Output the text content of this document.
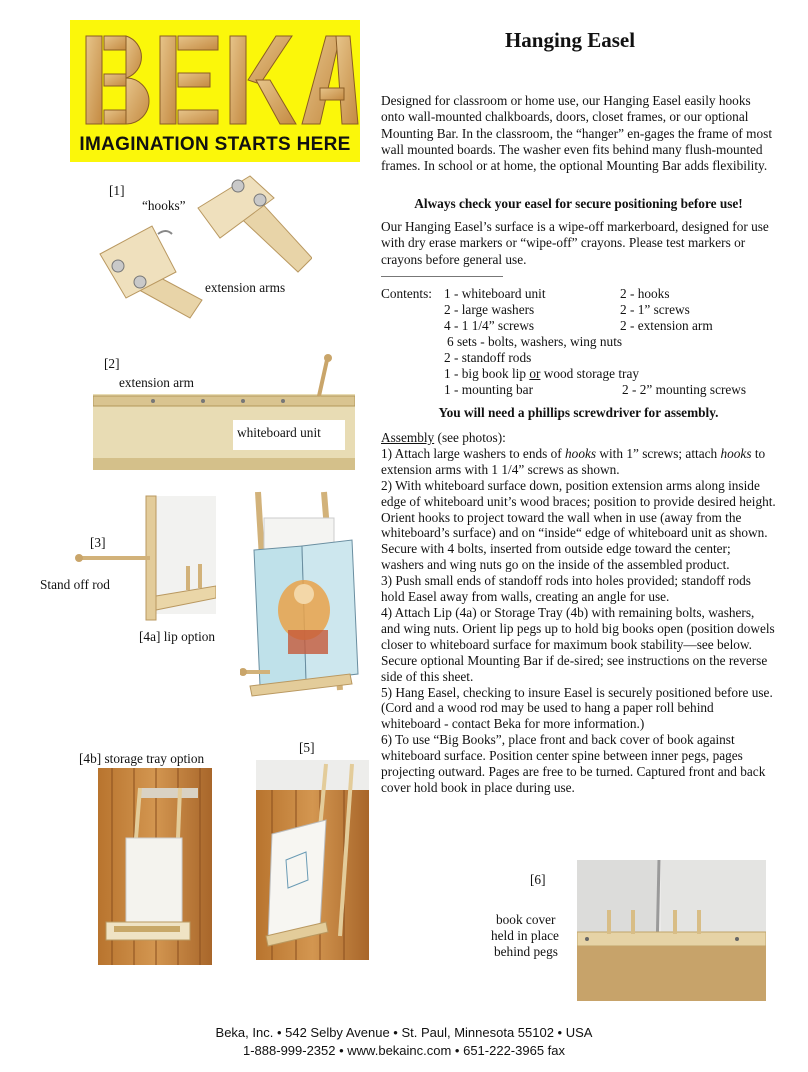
IMAGINATION STARTS HERE
Hanging Easel
Designed for classroom or home use, our Hanging Easel easily hooks onto wall-mounted chalkboards, doors, closet frames, or our optional Mounting Bar. In the classroom, the “hanger” en-gages the frame of most wall mounted boards. The washer even fits behind many flush-mounted frames. In school or at home, the optional Mounting Bar adds flexibility.
Always check your easel for secure positioning before use!
Our Hanging Easel’s surface is a wipe-off markerboard, designed for use with dry erase markers or “wipe-off” crayons. Please test markers or crayons before general use.
Contents: 1 - whiteboard unit	2 - hooks
2 - large washers	2 - 1” screws
4 - 1 1/4” screws	2 - extension arm
6 sets - bolts, washers, wing nuts
2 - standoff rods
1 - big book lip or wood storage tray
1 - mounting bar	2 - 2” mounting screws
You will need a phillips screwdriver for assembly.

Assembly (see photos):

1) Attach large washers to ends of hooks with 1” screws; attach hooks to extension arms with 1 1/4” screws as shown.

2) With whiteboard surface down, position extension arms along inside edge of whiteboard unit’s wood braces; position to provide desired height. Orient hooks to project toward the wall when in use (away from the whiteboard’s surface) and on “inside“ edge of whiteboard unit as shown. Secure with 4 bolts, inserted from outside edge toward the center; washers and wing nuts go on the inside of the assembled product.

3) Push small ends of standoff rods into holes provided; standoff rods hold Easel away from walls, creating an angle for use.

4) Attach Lip (4a) or Storage Tray (4b) with remaining bolts, washers, and wing nuts. Orient lip pegs up to hold big books open (position dowels closer to whiteboard surface for maximum book stability—see below. Secure optional Mounting Bar if de-sired; see instructions on the reverse side of this sheet.

5) Hang Easel, checking to insure Easel is securely positioned before use. (Cord and a wood rod may be used to hang a paper roll behind whiteboard - contact Beka for more information.)

6) To use “Big Books”, place front and back cover of book against whiteboard surface. Position center spine between inner pegs, pages projecting outward. Pages are free to be turned. Captured front and back cover hold book in place during use.

[1]
“hooks”
extension arms
[2]
extension arm
whiteboard unit
[3]
Stand off rod
[4a] lip option
[4b] storage tray option
[5]
[6]
book cover
held in place
behind pegs
Beka, Inc. • 542 Selby Avenue • St. Paul, Minnesota 55102 • USA
1-888-999-2352 • www.bekainc.com • 651-222-3965 fax
